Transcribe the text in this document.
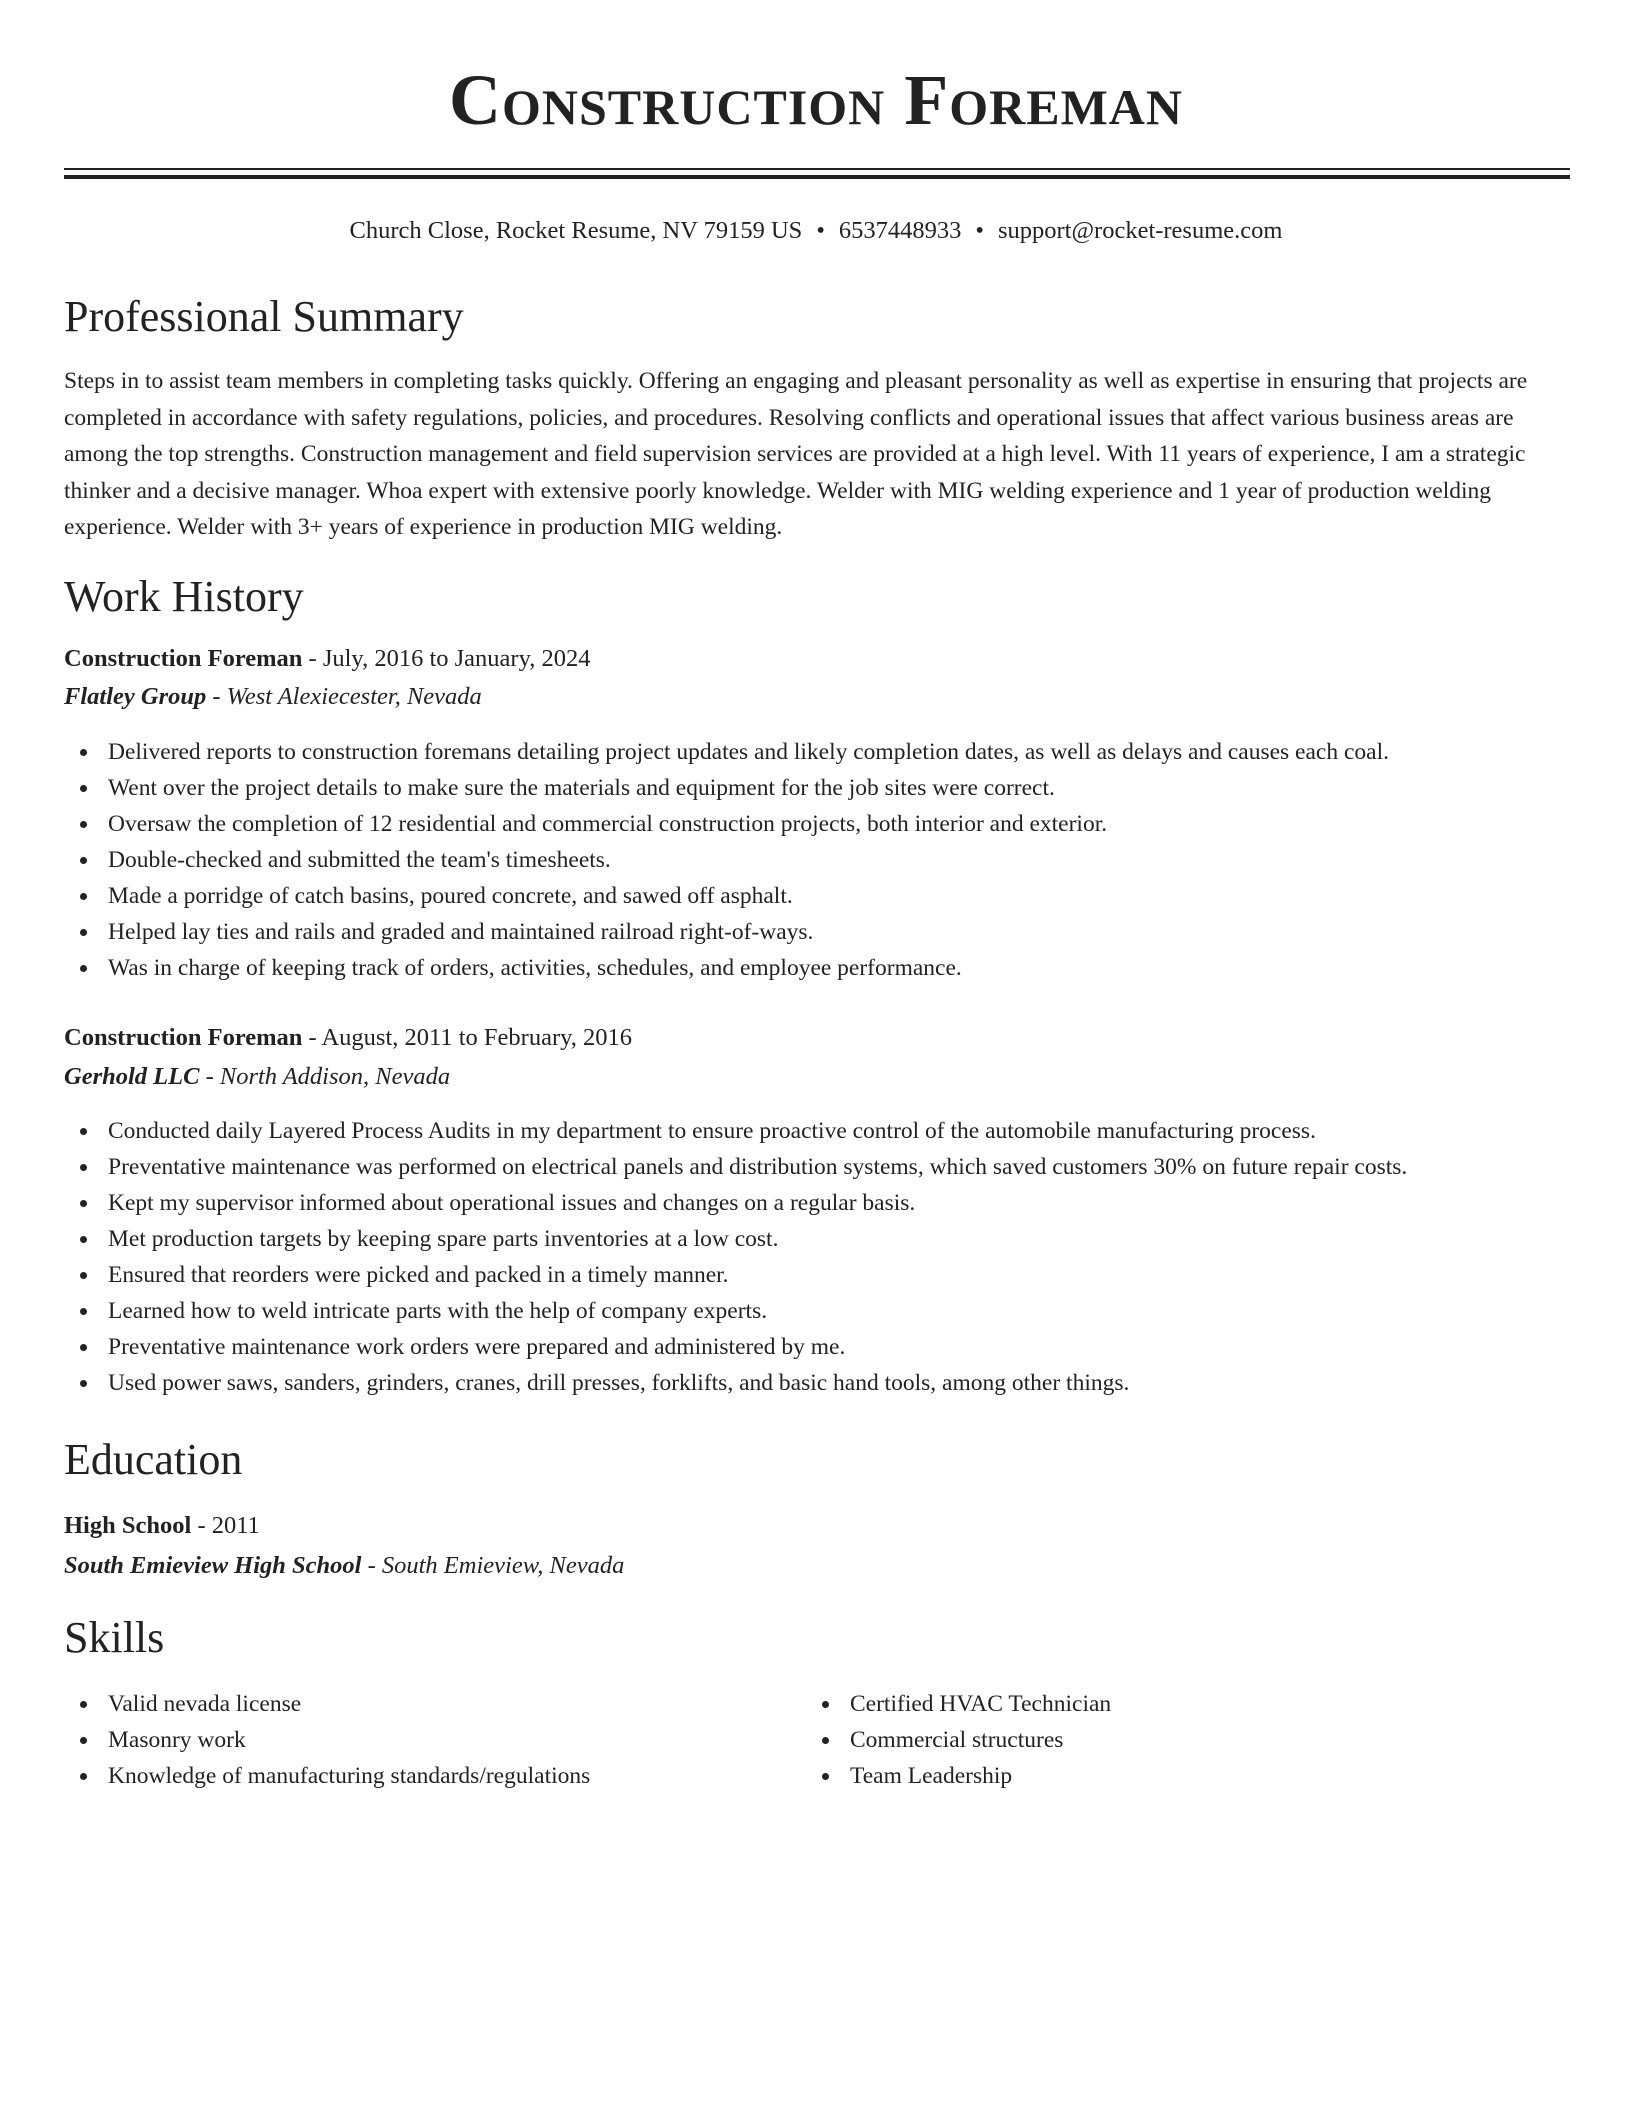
Construction Foreman
Church Close, Rocket Resume, NV 79159 US • 6537448933 • support@rocket-resume.com
Professional Summary
Steps in to assist team members in completing tasks quickly. Offering an engaging and pleasant personality as well as expertise in ensuring that projects are completed in accordance with safety regulations, policies, and procedures. Resolving conflicts and operational issues that affect various business areas are among the top strengths. Construction management and field supervision services are provided at a high level. With 11 years of experience, I am a strategic thinker and a decisive manager. Whoa expert with extensive poorly knowledge. Welder with MIG welding experience and 1 year of production welding experience. Welder with 3+ years of experience in production MIG welding.
Work History
Construction Foreman - July, 2016 to January, 2024
Flatley Group - West Alexiecester, Nevada
Delivered reports to construction foremans detailing project updates and likely completion dates, as well as delays and causes each coal.
Went over the project details to make sure the materials and equipment for the job sites were correct.
Oversaw the completion of 12 residential and commercial construction projects, both interior and exterior.
Double-checked and submitted the team's timesheets.
Made a porridge of catch basins, poured concrete, and sawed off asphalt.
Helped lay ties and rails and graded and maintained railroad right-of-ways.
Was in charge of keeping track of orders, activities, schedules, and employee performance.
Construction Foreman - August, 2011 to February, 2016
Gerhold LLC - North Addison, Nevada
Conducted daily Layered Process Audits in my department to ensure proactive control of the automobile manufacturing process.
Preventative maintenance was performed on electrical panels and distribution systems, which saved customers 30% on future repair costs.
Kept my supervisor informed about operational issues and changes on a regular basis.
Met production targets by keeping spare parts inventories at a low cost.
Ensured that reorders were picked and packed in a timely manner.
Learned how to weld intricate parts with the help of company experts.
Preventative maintenance work orders were prepared and administered by me.
Used power saws, sanders, grinders, cranes, drill presses, forklifts, and basic hand tools, among other things.
Education
High School - 2011
South Emieview High School - South Emieview, Nevada
Skills
Valid nevada license
Masonry work
Knowledge of manufacturing standards/regulations
Certified HVAC Technician
Commercial structures
Team Leadership
